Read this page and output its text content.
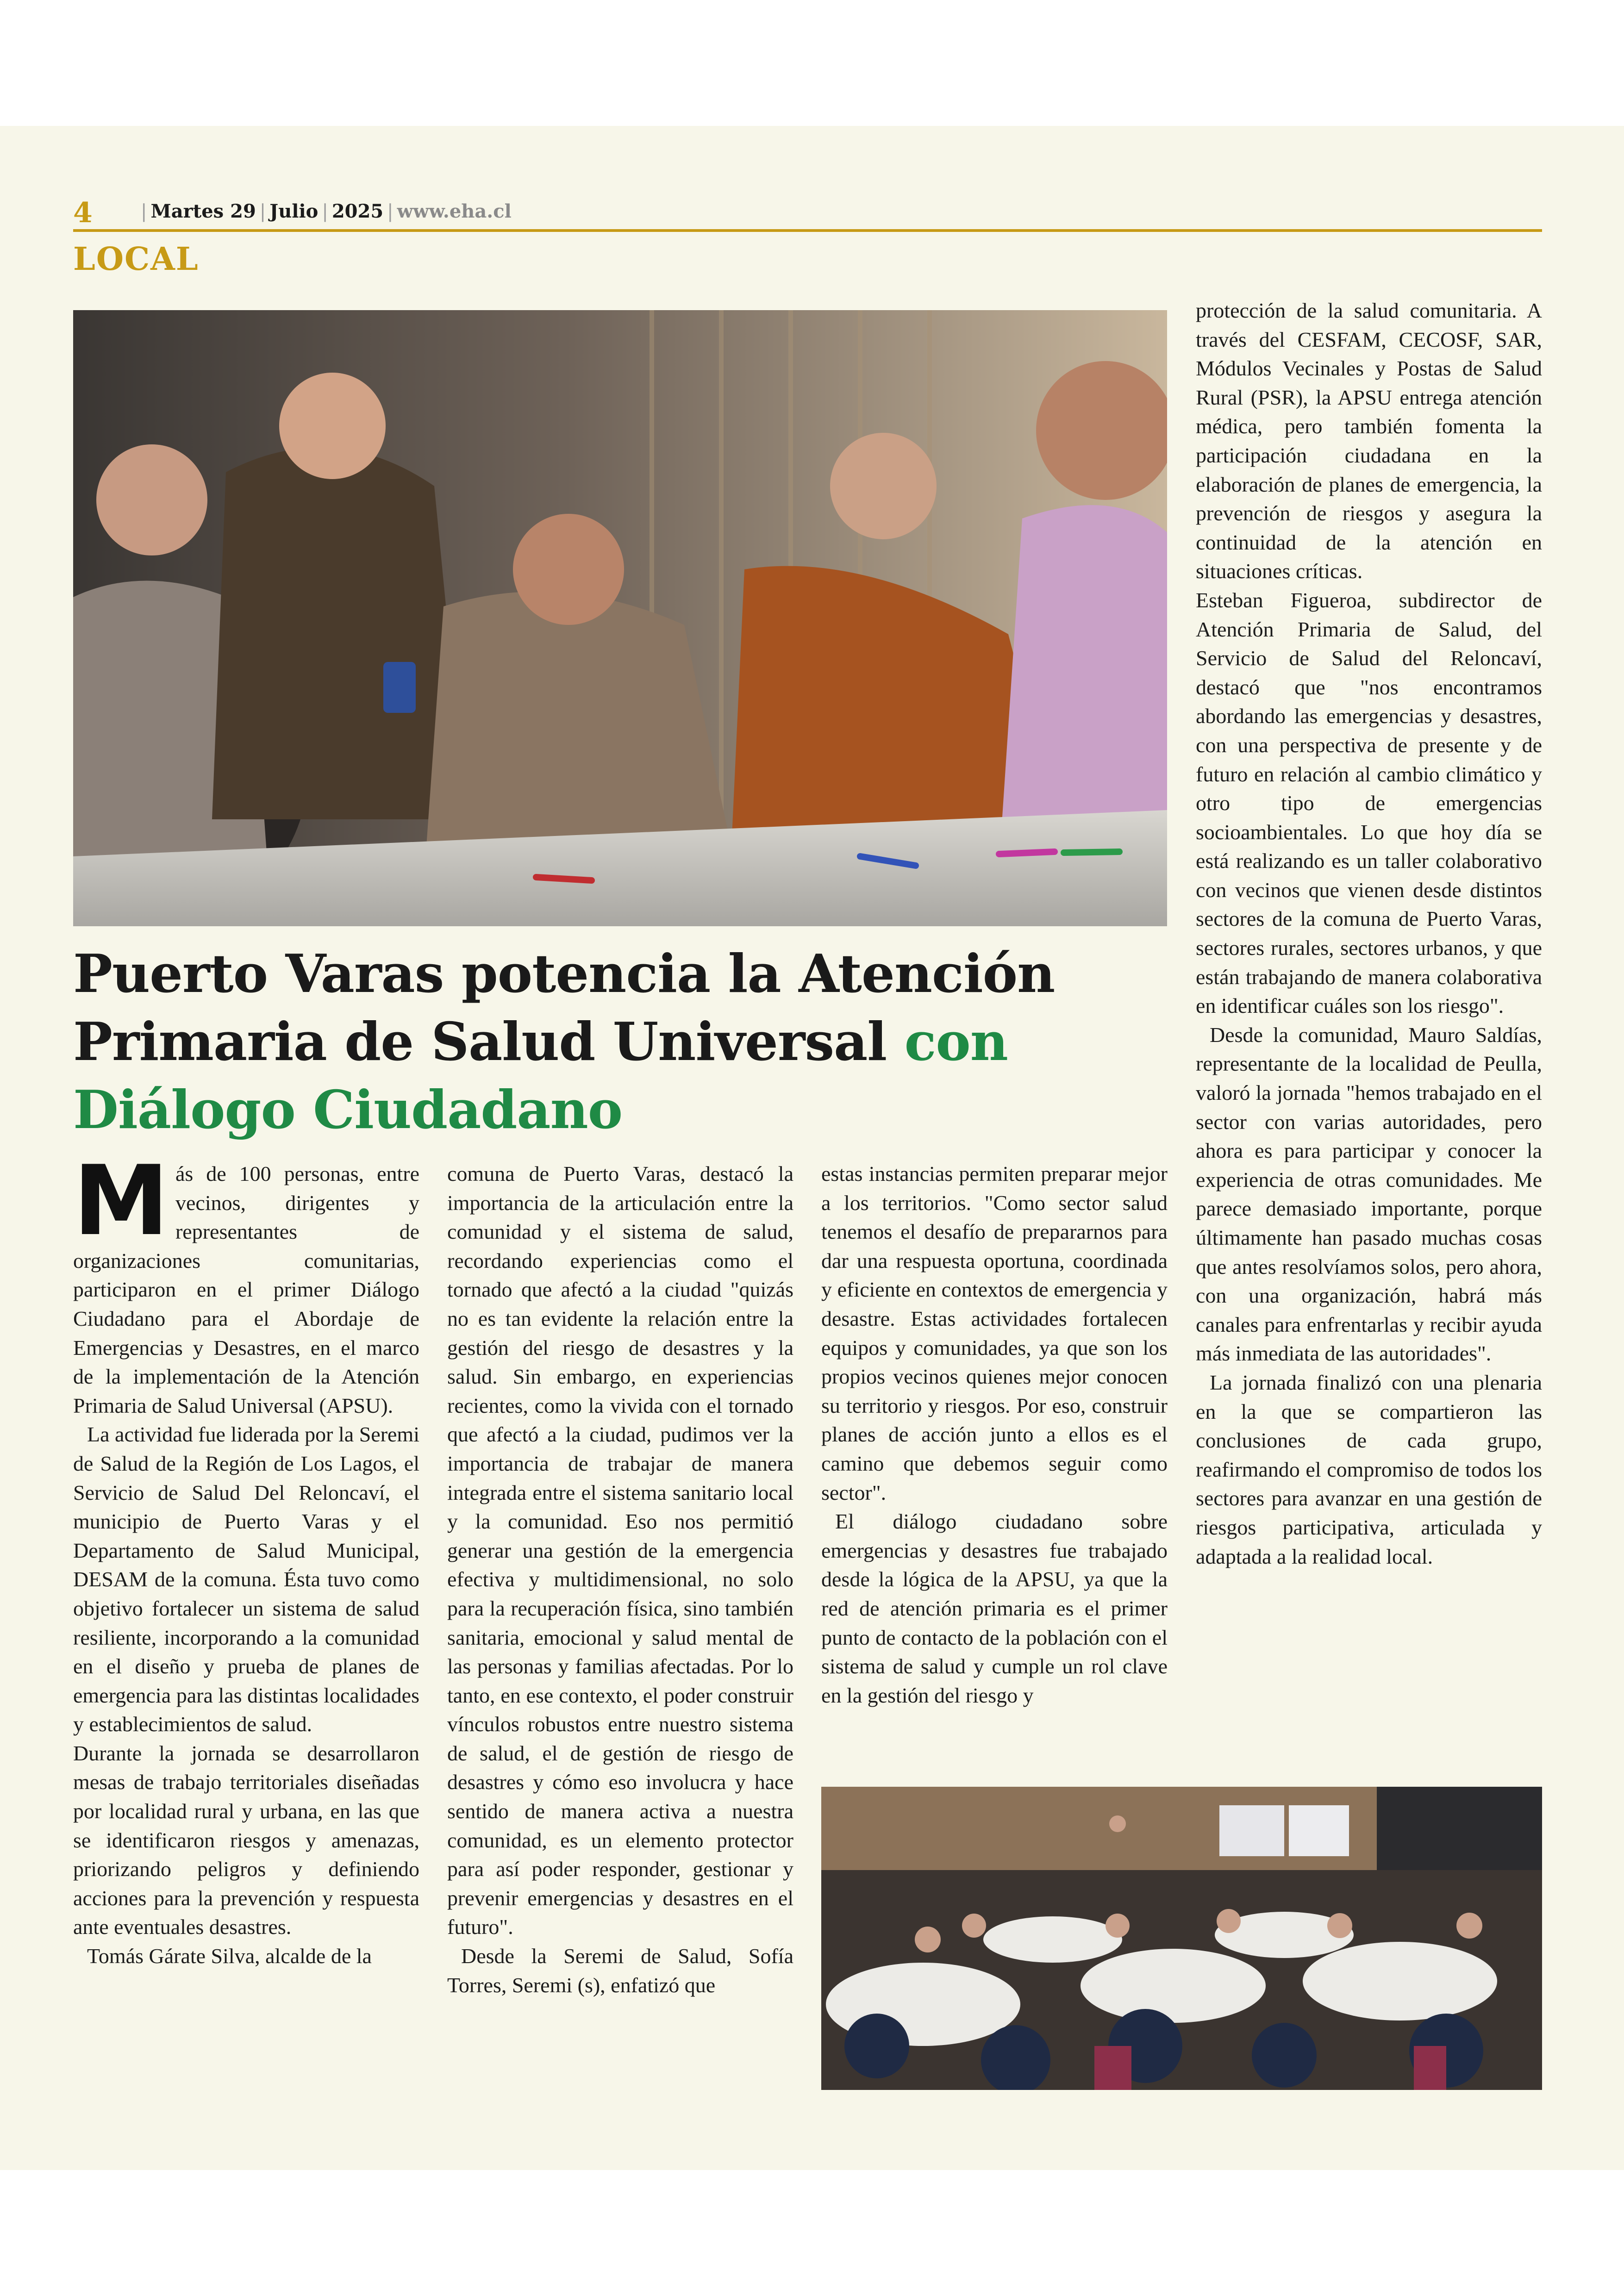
4	| Martes 29 | Julio | 2025 | www.eha.cl
LOCAL
Puerto Varas potencia la Atención Primaria de Salud Universal con Diálogo Ciudadano

Más de 100 personas, entre vecinos, dirigentes y representantes de organizaciones comunitarias, participaron en el primer Diálogo Ciudadano para el Abordaje de Emergencias y Desastres, en el marco de la implementación de la Atención Primaria de Salud Universal (APSU).

La actividad fue liderada por la Seremi de Salud de la Región de Los Lagos, el Servicio de Salud Del Reloncaví, el municipio de Puerto Varas y el Departamento de Salud Municipal, DESAM de la comuna. Ésta tuvo como objetivo fortalecer un sistema de salud resiliente, incorporando a la comunidad en el diseño y prueba de planes de emergencia para las distintas localidades y establecimientos de salud.

Durante la jornada se desarrollaron mesas de trabajo territoriales diseñadas por localidad rural y urbana, en las que se identificaron riesgos y amenazas, priorizando peligros y definiendo acciones para la prevención y respuesta ante eventuales desastres.

Tomás Gárate Silva, alcalde de la

comuna de Puerto Varas, destacó la importancia de la articulación entre la comunidad y el sistema de salud, recordando experiencias como el tornado que afectó a la ciudad "quizás no es tan evidente la relación entre la gestión del riesgo de desastres y la salud. Sin embargo, en experiencias recientes, como la vivida con el tornado que afectó a la ciudad, pudimos ver la importancia de trabajar de manera integrada entre el sistema sanitario local y la comunidad. Eso nos permitió generar una gestión de la emergencia efectiva y multidimensional, no solo para la recuperación física, sino también sanitaria, emocional y salud mental de las personas y familias afectadas. Por lo tanto, en ese contexto, el poder construir vínculos robustos entre nuestro sistema de salud, el de gestión de riesgo de desastres y cómo eso involucra y hace sentido de manera activa a nuestra comunidad, es un elemento protector para así poder responder, gestionar y prevenir emergencias y desastres en el futuro".

Desde la Seremi de Salud, Sofía Torres, Seremi (s), enfatizó que

estas instancias permiten preparar mejor a los territorios. "Como sector salud tenemos el desafío de prepararnos para dar una respuesta oportuna, coordinada y eficiente en contextos de emergencia y desastre. Estas actividades fortalecen equipos y comunidades, ya que son los propios vecinos quienes mejor conocen su territorio y riesgos. Por eso, construir planes de acción junto a ellos es el camino que debemos seguir como sector".

El diálogo ciudadano sobre emergencias y desastres fue trabajado desde la lógica de la APSU, ya que la red de atención primaria es el primer punto de contacto de la población con el sistema de salud y cumple un rol clave en la gestión del riesgo y

protección de la salud comunitaria. A través del CESFAM, CECOSF, SAR, Módulos Vecinales y Postas de Salud Rural (PSR), la APSU entrega atención médica, pero también fomenta la participación ciudadana en la elaboración de planes de emergencia, la prevención de riesgos y asegura la continuidad de la atención en situaciones críticas.

Esteban Figueroa, subdirector de Atención Primaria de Salud, del Servicio de Salud del Reloncaví, destacó que "nos encontramos abordando las emergencias y desastres, con una perspectiva de presente y de futuro en relación al cambio climático y otro tipo de emergencias socioambientales. Lo que hoy día se está realizando es un taller colaborativo con vecinos que vienen desde distintos sectores de la comuna de Puerto Varas, sectores rurales, sectores urbanos, y que están trabajando de manera colaborativa en identificar cuáles son los riesgo".

Desde la comunidad, Mauro Saldías, representante de la localidad de Peulla, valoró la jornada "hemos trabajado en el sector con varias autoridades, pero ahora es para participar y conocer la experiencia de otras comunidades. Me parece demasiado importante, porque últimamente han pasado muchas cosas que antes resolvíamos solos, pero ahora, con una organización, habrá más canales para enfrentarlas y recibir ayuda más inmediata de las autoridades".

La jornada finalizó con una plenaria en la que se compartieron las conclusiones de cada grupo, reafirmando el compromiso de todos los sectores para avanzar en una gestión de riesgos participativa, articulada y adaptada a la realidad local.
